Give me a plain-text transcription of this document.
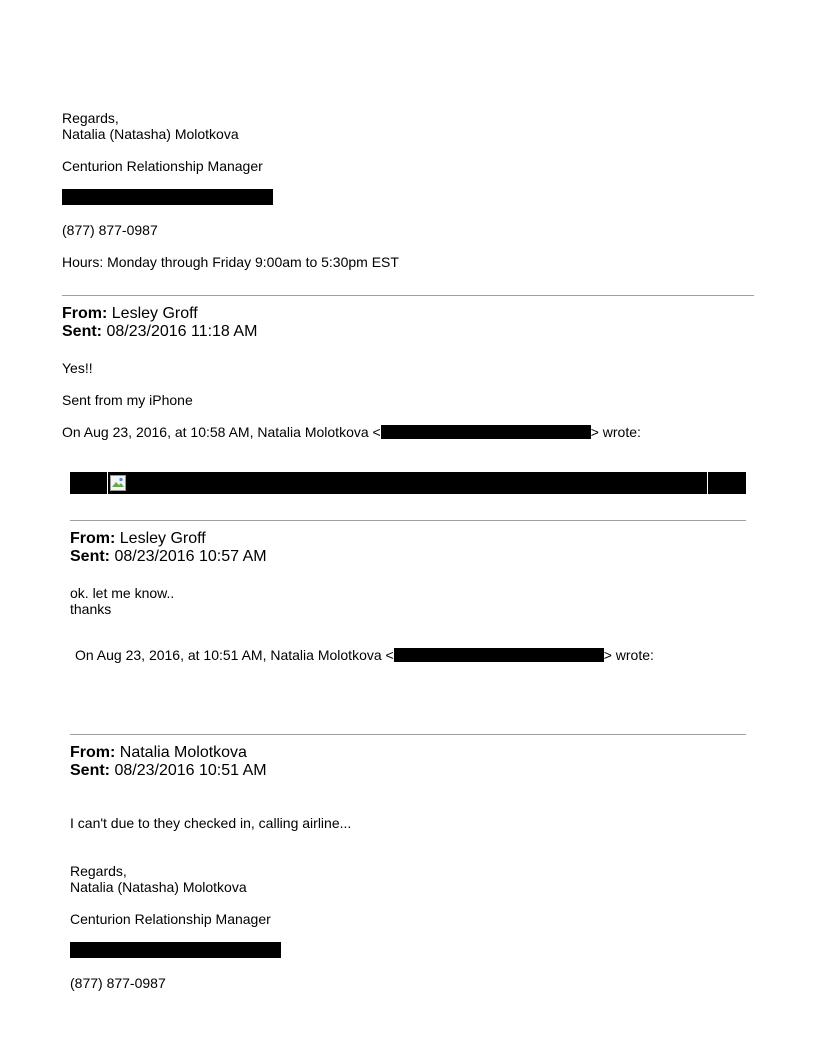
Regards,
Natalia (Natasha) Molotkova
Centurion Relationship Manager
(877) 877-0987
Hours: Monday through Friday 9:00am to 5:30pm EST
From: Lesley Groff
Sent: 08/23/2016 11:18 AM
Yes!!
Sent from my iPhone
On Aug 23, 2016, at 10:58 AM, Natalia Molotkova <	> wrote:
From: Lesley Groff
Sent: 08/23/2016 10:57 AM
ok. let me know..
thanks
On Aug 23, 2016, at 10:51 AM, Natalia Molotkova <	> wrote:
From: Natalia Molotkova
Sent: 08/23/2016 10:51 AM
I can't due to they checked in, calling airline...
Regards,
Natalia (Natasha) Molotkova
Centurion Relationship Manager
(877) 877-0987
